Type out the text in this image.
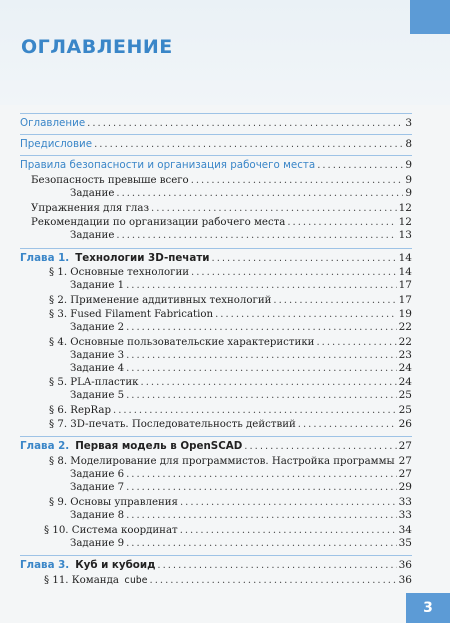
ОГЛАВЛЕНИЕ
Оглавление .....	3
Предисловие .....	8
Правила безопасности и организация рабочего места .....	9
Безопасность превыше всего .....	9
Задание .....	9
Упражнения для глаз .....	12
Рекомендации по организации рабочего места .....	12
Задание .....	13
Глава 1. Технологии 3D-печати .....	14
§ 1. Основные технологии .....	14
Задание 1 .....	17
§ 2. Применение аддитивных технологий .....	17
§ 3. Fused Filament Fabrication .....	19
Задание 2 .....	22
§ 4. Основные пользовательские характеристики .....	22
Задание 3 .....	23
Задание 4 .....	24
§ 5. PLA-пластик .....	24
Задание 5 .....	25
§ 6. RepRap .....	25
§ 7. 3D-печать. Последовательность действий .....	26
Глава 2. Первая модель в OpenSCAD .....	27
§ 8. Моделирование для программистов. Настройка программы ..... 27
Задание 6 .....	27
Задание 7 .....	29
§ 9. Основы управления .....	33
Задание 8 .....	33
§ 10. Система координат .....	34
Задание 9 .....	35
Глава 3. Куб и кубоид .....	36
§ 11. Команда cube .....	36
3
